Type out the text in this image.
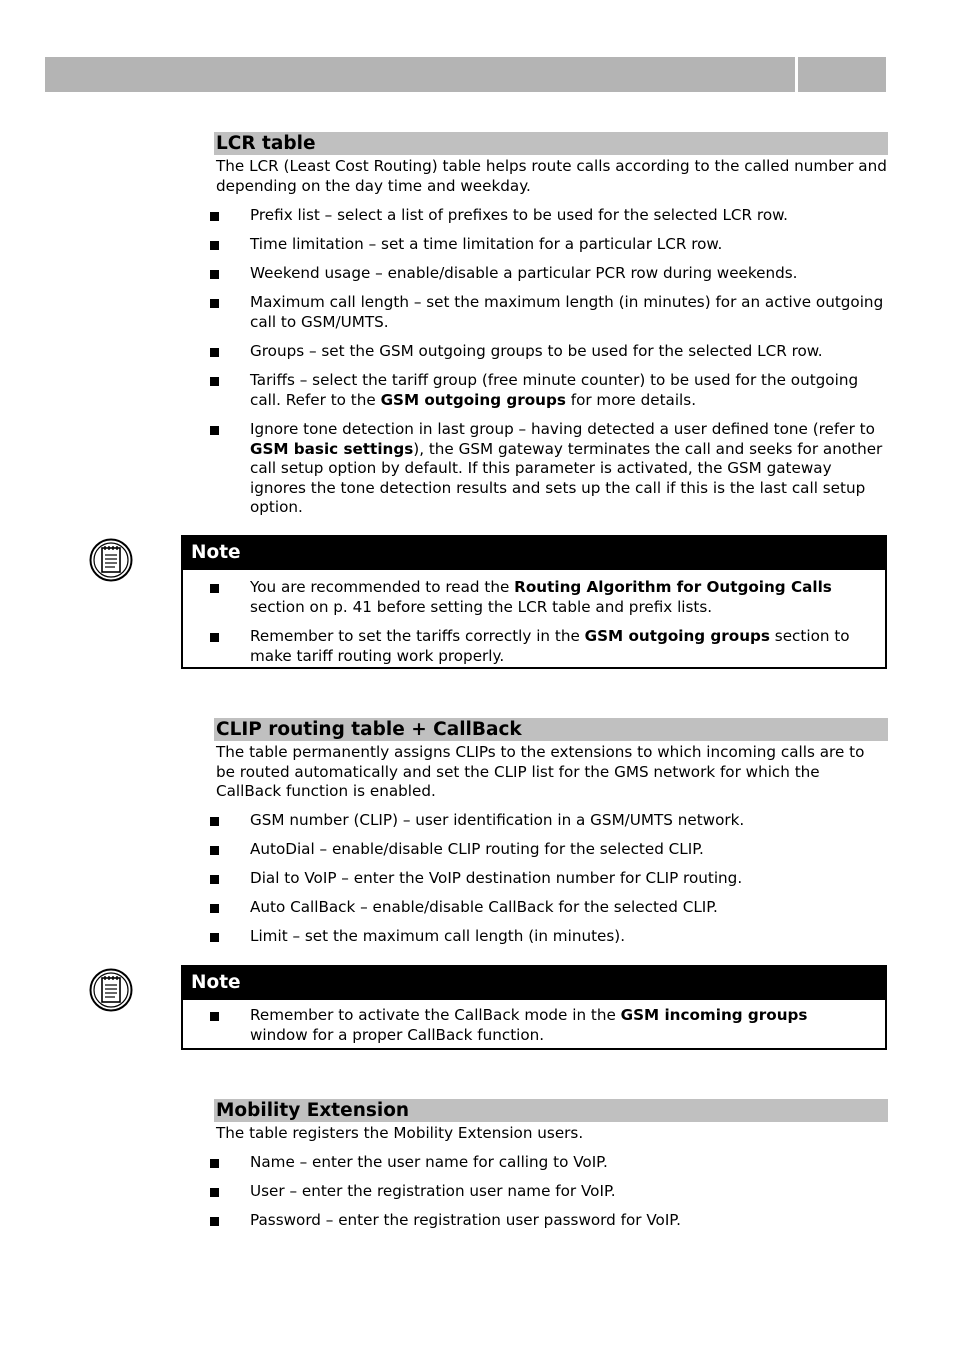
LCR table

The LCR (Least Cost Routing) table helps route calls according to the called number and depending on the day time and weekday.

Prefix list – select a list of prefixes to be used for the selected LCR row.
Time limitation – set a time limitation for a particular LCR row.
Weekend usage – enable/disable a particular PCR row during weekends.
Maximum call length – set the maximum length (in minutes) for an active outgoing call to GSM/UMTS.
Groups – set the GSM outgoing groups to be used for the selected LCR row.
Tariffs – select the tariff group (free minute counter) to be used for the outgoing call. Refer to the GSM outgoing groups for more details.
Ignore tone detection in last group – having detected a user defined tone (refer to GSM basic settings), the GSM gateway terminates the call and seeks for another call setup option by default. If this parameter is activated, the GSM gateway ignores the tone detection results and sets up the call if this is the last call setup option.
Note
You are recommended to read the Routing Algorithm for Outgoing Calls section on p. 41 before setting the LCR table and prefix lists.
Remember to set the tariffs correctly in the GSM outgoing groups section to make tariff routing work properly.
CLIP routing table + CallBack

The table permanently assigns CLIPs to the extensions to which incoming calls are to be routed automatically and set the CLIP list for the GMS network for which the CallBack function is enabled.

GSM number (CLIP) – user identification in a GSM/UMTS network.
AutoDial – enable/disable CLIP routing for the selected CLIP.
Dial to VoIP – enter the VoIP destination number for CLIP routing.
Auto CallBack – enable/disable CallBack for the selected CLIP.
Limit – set the maximum call length (in minutes).
Note
Remember to activate the CallBack mode in the GSM incoming groups window for a proper CallBack function.
Mobility Extension

The table registers the Mobility Extension users.

Name – enter the user name for calling to VoIP.
User – enter the registration user name for VoIP.
Password – enter the registration user password for VoIP.
